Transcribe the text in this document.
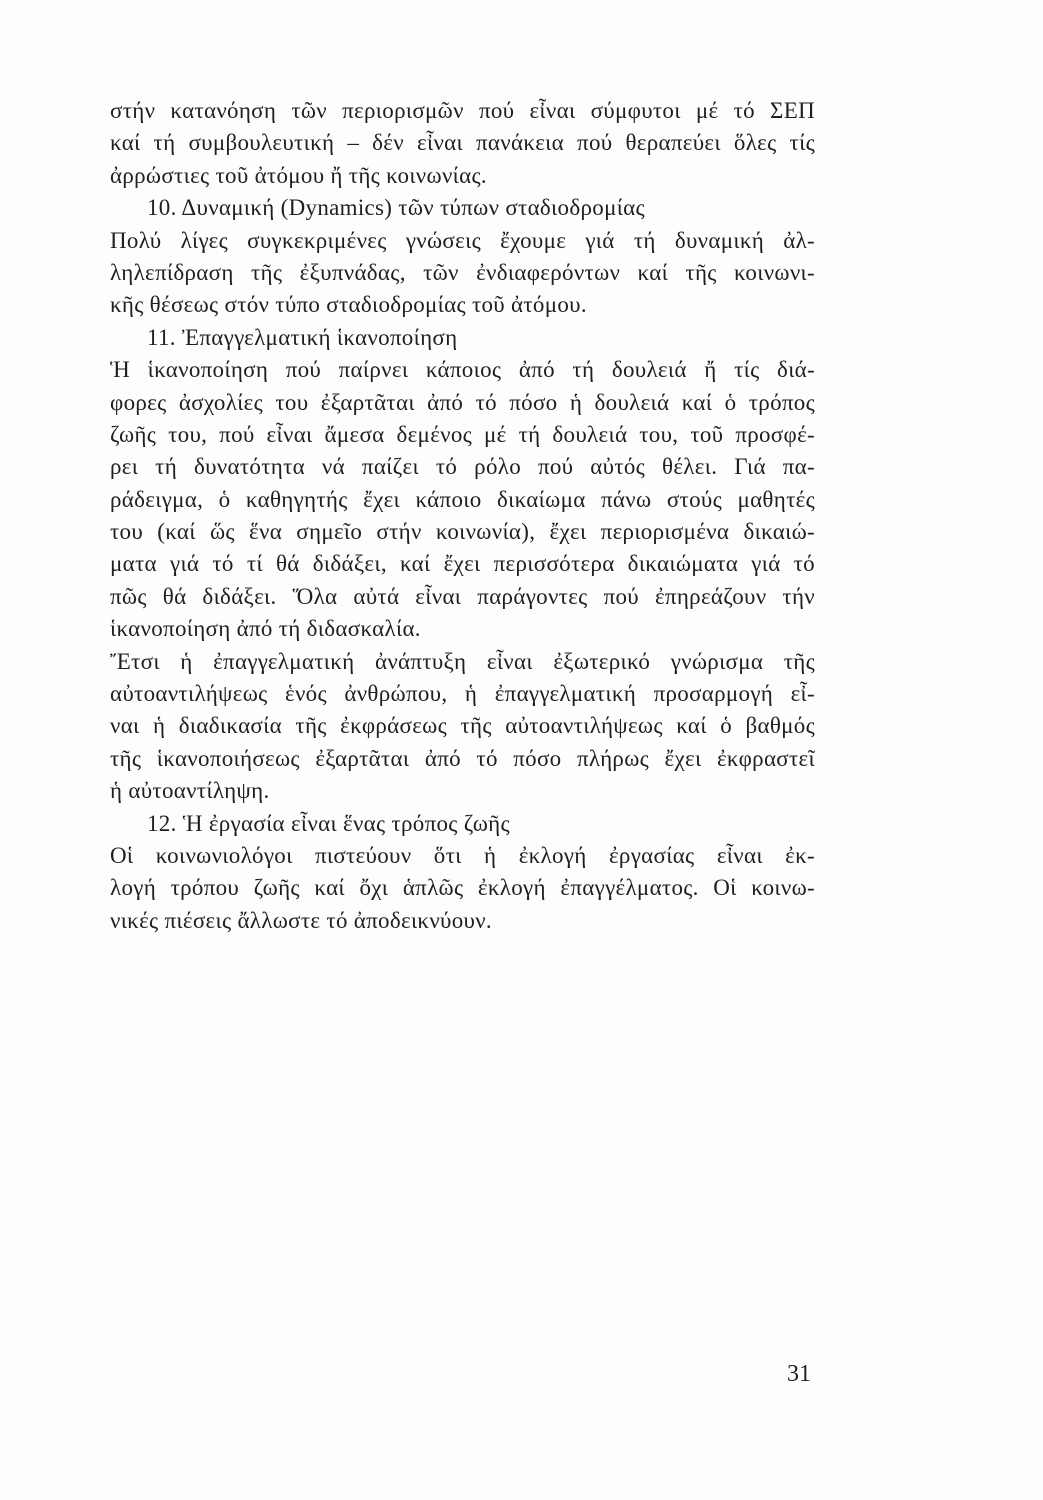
στήν κατανόηση τῶν περιορισμῶν πού εἶναι σύμφυτοι μέ τό ΣΕΠ
καί τή συμβουλευτική – δέν εἶναι πανάκεια πού θεραπεύει ὅλες τίς
ἀρρώστιες τοῦ ἀτόμου ἤ τῆς κοινωνίας.
10. Δυναμική (Dynamics) τῶν τύπων σταδιοδρομίας
Πολύ λίγες συγκεκριμένες γνώσεις ἔχουμε γιά τή δυναμική ἀλ-
ληλεπίδραση τῆς ἐξυπνάδας, τῶν ἐνδιαφερόντων καί τῆς κοινωνι-
κῆς θέσεως στόν τύπο σταδιοδρομίας τοῦ ἀτόμου.
11. Ἐπαγγελματική ἱκανοποίηση
Ἡ ἱκανοποίηση πού παίρνει κάποιος ἀπό τή δουλειά ἤ τίς διά-
φορες ἀσχολίες του ἐξαρτᾶται ἀπό τό πόσο ἡ δουλειά καί ὁ τρόπος
ζωῆς του, πού εἶναι ἄμεσα δεμένος μέ τή δουλειά του, τοῦ προσφέ-
ρει τή δυνατότητα νά παίζει τό ρόλο πού αὐτός θέλει. Γιά πα-
ράδειγμα, ὁ καθηγητής ἔχει κάποιο δικαίωμα πάνω στούς μαθητές
του (καί ὥς ἕνα σημεῖο στήν κοινωνία), ἔχει περιορισμένα δικαιώ-
ματα γιά τό τί θά διδάξει, καί ἔχει περισσότερα δικαιώματα γιά τό
πῶς θά διδάξει. Ὅλα αὐτά εἶναι παράγοντες πού ἐπηρεάζουν τήν
ἱκανοποίηση ἀπό τή διδασκαλία.
Ἔτσι ἡ ἐπαγγελματική ἀνάπτυξη εἶναι ἐξωτερικό γνώρισμα τῆς
αὐτοαντιλήψεως ἑνός ἀνθρώπου, ἡ ἐπαγγελματική προσαρμογή εἶ-
ναι ἡ διαδικασία τῆς ἐκφράσεως τῆς αὐτοαντιλήψεως καί ὁ βαθμός
τῆς ἱκανοποιήσεως ἐξαρτᾶται ἀπό τό πόσο πλήρως ἔχει ἐκφραστεῖ
ἡ αὐτοαντίληψη.
12. Ἡ ἐργασία εἶναι ἕνας τρόπος ζωῆς
Οἱ κοινωνιολόγοι πιστεύουν ὅτι ἡ ἐκλογή ἐργασίας εἶναι ἐκ-
λογή τρόπου ζωῆς καί ὄχι ἁπλῶς ἐκλογή ἐπαγγέλματος. Οἱ κοινω-
νικές πιέσεις ἄλλωστε τό ἀποδεικνύουν.
31
